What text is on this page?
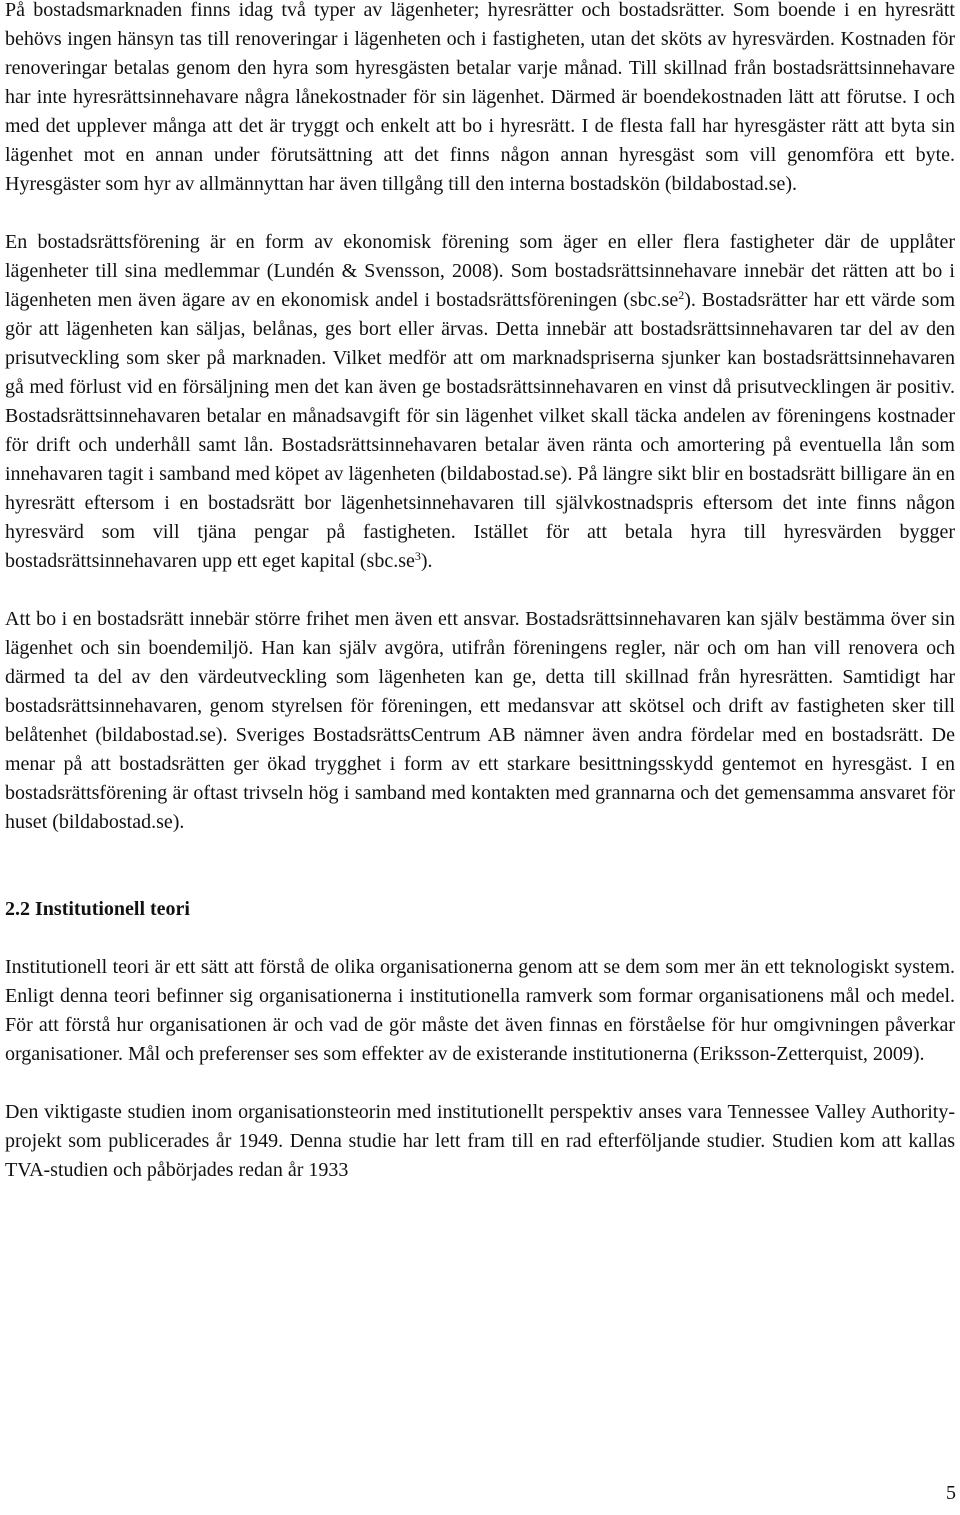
På bostadsmarknaden finns idag två typer av lägenheter; hyresrätter och bostadsrätter. Som boende i en hyresrätt behövs ingen hänsyn tas till renoveringar i lägenheten och i fastigheten, utan det sköts av hyresvärden. Kostnaden för renoveringar betalas genom den hyra som hyresgästen betalar varje månad. Till skillnad från bostadsrättsinnehavare har inte hyresrättsinnehavare några lånekostnader för sin lägenhet. Därmed är boendekostnaden lätt att förutse. I och med det upplever många att det är tryggt och enkelt att bo i hyresrätt. I de flesta fall har hyresgäster rätt att byta sin lägenhet mot en annan under förutsättning att det finns någon annan hyresgäst som vill genomföra ett byte. Hyresgäster som hyr av allmännyttan har även tillgång till den interna bostadskön (bildabostad.se).

En bostadsrättsförening är en form av ekonomisk förening som äger en eller flera fastigheter där de upplåter lägenheter till sina medlemmar (Lundén & Svensson, 2008). Som bostadsrättsinnehavare innebär det rätten att bo i lägenheten men även ägare av en ekonomisk andel i bostadsrättsföreningen $(sbc.se^2)$. Bostadsrätter har ett värde som gör att lägenheten kan säljas, belånas, ges bort eller ärvas. Detta innebär att bostadsrättsinnehavaren tar del av den prisutveckling som sker på marknaden. Vilket medför att om marknadspriserna sjunker kan bostadsrättsinnehavaren gå med förlust vid en försäljning men det kan även ge bostadsrättsinnehavaren en vinst då prisutvecklingen är positiv. Bostadsrättsinnehavaren betalar en månadsavgift för sin lägenhet vilket skall täcka andelen av föreningens kostnader för drift och underhåll samt lån. Bostadsrättsinnehavaren betalar även ränta och amortering på eventuella lån som innehavaren tagit i samband med köpet av lägenheten (bildabostad.se). På längre sikt blir en bostadsrätt billigare än en hyresrätt eftersom i en bostadsrätt bor lägenhetsinnehavaren till självkostnadspris eftersom det inte finns någon hyresvärd som vill tjäna pengar på fastigheten. Istället för att betala hyra till hyresvärden bygger bostadsrättsinnehavaren upp ett eget kapital $(sbc.se^3)$.

Att bo i en bostadsrätt innebär större frihet men även ett ansvar. Bostadsrättsinnehavaren kan själv bestämma över sin lägenhet och sin boendemiljö. Han kan själv avgöra, utifrån föreningens regler, när och om han vill renovera och därmed ta del av den värdeutveckling som lägenheten kan ge, detta till skillnad från hyresrätten. Samtidigt har bostadsrättsinnehavaren, genom styrelsen för föreningen, ett medansvar att skötsel och drift av fastigheten sker till belåtenhet (bildabostad.se). Sveriges BostadsrättsCentrum AB nämner även andra fördelar med en bostadsrätt. De menar på att bostadsrätten ger ökad trygghet i form av ett starkare besittningsskydd gentemot en hyresgäst. I en bostadsrättsförening är oftast trivseln hög i samband med kontakten med grannarna och det gemensamma ansvaret för huset (bildabostad.se).

2.2 Institutionell teori

Institutionell teori är ett sätt att förstå de olika organisationerna genom att se dem som mer än ett teknologiskt system. Enligt denna teori befinner sig organisationerna i institutionella ramverk som formar organisationens mål och medel. För att förstå hur organisationen är och vad de gör måste det även finnas en förståelse för hur omgivningen påverkar organisationer. Mål och preferenser ses som effekter av de existerande institutionerna (Eriksson-Zetterquist, 2009).

Den viktigaste studien inom organisationsteorin med institutionellt perspektiv anses vara Tennessee Valley Authority- projekt som publicerades år 1949. Denna studie har lett fram till en rad efterföljande studier. Studien kom att kallas TVA-studien och påbörjades redan år 1933

5
